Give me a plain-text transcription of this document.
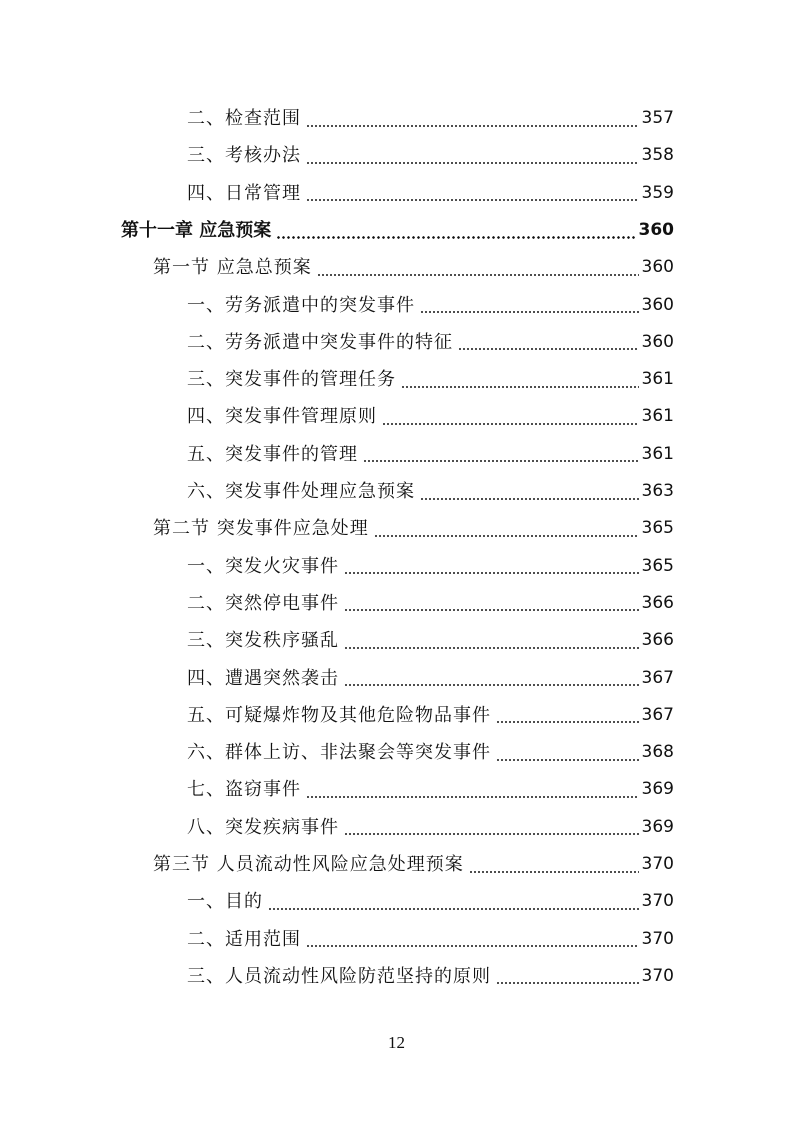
二、检查范围	357
三、考核办法	358
四、日常管理	359
第十一章 应急预案	360
第一节 应急总预案	360
一、劳务派遣中的突发事件	360
二、劳务派遣中突发事件的特征	360
三、突发事件的管理任务	361
四、突发事件管理原则	361
五、突发事件的管理	361
六、突发事件处理应急预案	363
第二节 突发事件应急处理	365
一、突发火灾事件	365
二、突然停电事件	366
三、突发秩序骚乱	366
四、遭遇突然袭击	367
五、可疑爆炸物及其他危险物品事件	367
六、群体上访、非法聚会等突发事件	368
七、盗窃事件	369
八、突发疾病事件	369
第三节 人员流动性风险应急处理预案	370
一、目的	370
二、适用范围	370
三、人员流动性风险防范坚持的原则	370
12
